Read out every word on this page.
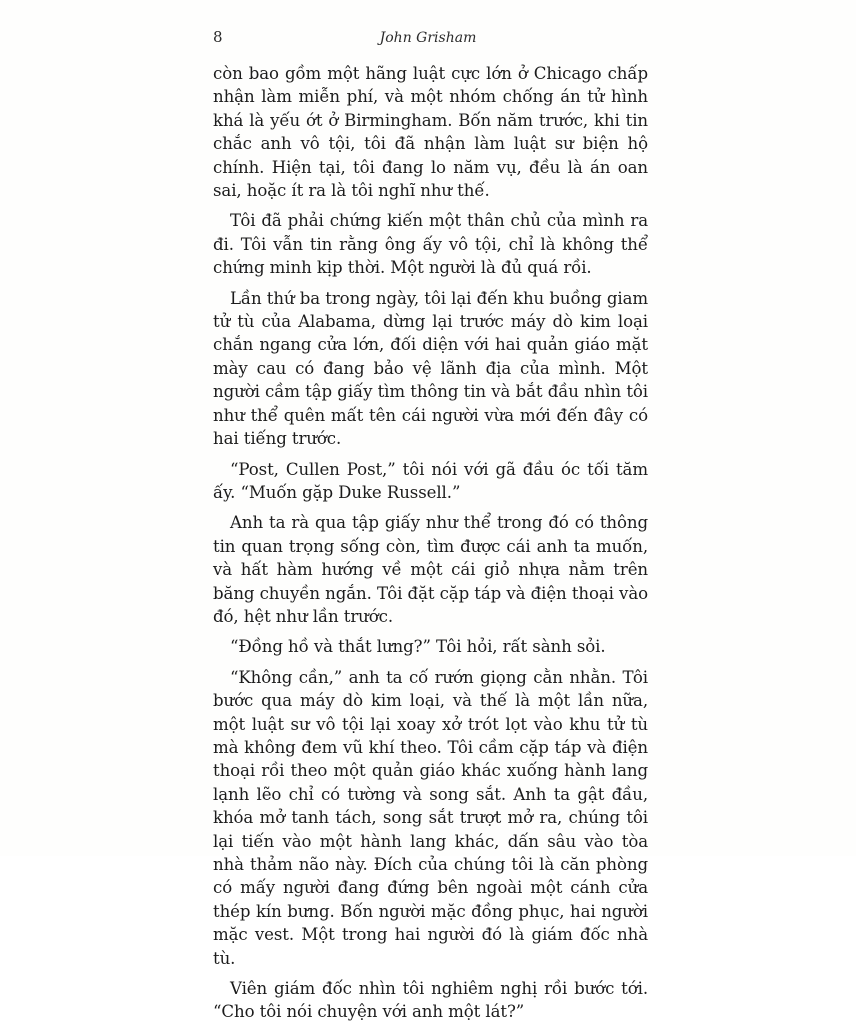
8	John Grisham

còn bao gồm một hãng luật cực lớn ở Chicago chấp nhận làm miễn phí, và một nhóm chống án tử hình khá là yếu ớt ở Birmingham. Bốn năm trước, khi tin chắc anh vô tội, tôi đã nhận làm luật sư biện hộ chính. Hiện tại, tôi đang lo năm vụ, đều là án oan sai, hoặc ít ra là tôi nghĩ như thế.

Tôi đã phải chứng kiến một thân chủ của mình ra đi. Tôi vẫn tin rằng ông ấy vô tội, chỉ là không thể chứng minh kịp thời. Một người là đủ quá rồi.

Lần thứ ba trong ngày, tôi lại đến khu buồng giam tử tù của Alabama, dừng lại trước máy dò kim loại chắn ngang cửa lớn, đối diện với hai quản giáo mặt mày cau có đang bảo vệ lãnh địa của mình. Một người cầm tập giấy tìm thông tin và bắt đầu nhìn tôi như thể quên mất tên cái người vừa mới đến đây có hai tiếng trước.

“Post, Cullen Post,” tôi nói với gã đầu óc tối tăm ấy. “Muốn gặp Duke Russell.”

Anh ta rà qua tập giấy như thể trong đó có thông tin quan trọng sống còn, tìm được cái anh ta muốn, và hất hàm hướng về một cái giỏ nhựa nằm trên băng chuyền ngắn. Tôi đặt cặp táp và điện thoại vào đó, hệt như lần trước.

“Đồng hồ và thắt lưng?” Tôi hỏi, rất sành sỏi.

“Không cần,” anh ta cố rướn giọng cằn nhằn. Tôi bước qua máy dò kim loại, và thế là một lần nữa, một luật sư vô tội lại xoay xở trót lọt vào khu tử tù mà không đem vũ khí theo. Tôi cầm cặp táp và điện thoại rồi theo một quản giáo khác xuống hành lang lạnh lẽo chỉ có tường và song sắt. Anh ta gật đầu, khóa mở tanh tách, song sắt trượt mở ra, chúng tôi lại tiến vào một hành lang khác, dấn sâu vào tòa nhà thảm não này. Đích của chúng tôi là căn phòng có mấy người đang đứng bên ngoài một cánh cửa thép kín bưng. Bốn người mặc đồng phục, hai người mặc vest. Một trong hai người đó là giám đốc nhà tù.

Viên giám đốc nhìn tôi nghiêm nghị rồi bước tới. “Cho tôi nói chuyện với anh một lát?”
